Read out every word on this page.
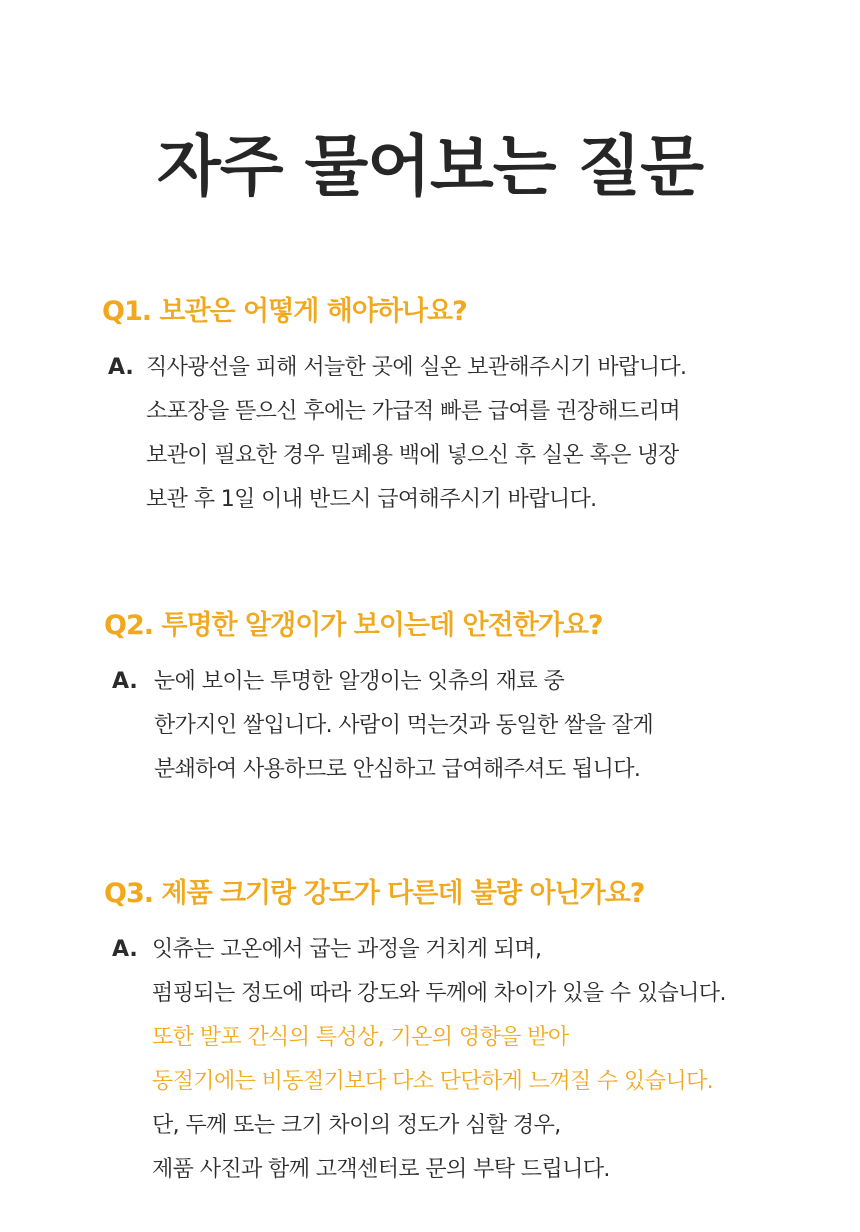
자주 물어보는 질문
Q1. 보관은 어떻게 해야하나요?
A. 직사광선을 피해 서늘한 곳에 실온 보관해주시기 바랍니다.
소포장을 뜯으신 후에는 가급적 빠른 급여를 권장해드리며
보관이 필요한 경우 밀폐용 백에 넣으신 후 실온 혹은 냉장
보관 후 1일 이내 반드시 급여해주시기 바랍니다.
Q2. 투명한 알갱이가 보이는데 안전한가요?
A. 눈에 보이는 투명한 알갱이는 잇츄의 재료 중
한가지인 쌀입니다. 사람이 먹는것과 동일한 쌀을 잘게
분쇄하여 사용하므로 안심하고 급여해주셔도 됩니다.
Q3. 제품 크기랑 강도가 다른데 불량 아닌가요?
A. 잇츄는 고온에서 굽는 과정을 거치게 되며,
펌핑되는 정도에 따라 강도와 두께에 차이가 있을 수 있습니다.
또한 발포 간식의 특성상, 기온의 영향을 받아
동절기에는 비동절기보다 다소 단단하게 느껴질 수 있습니다.
단, 두께 또는 크기 차이의 정도가 심할 경우,
제품 사진과 함께 고객센터로 문의 부탁 드립니다.
